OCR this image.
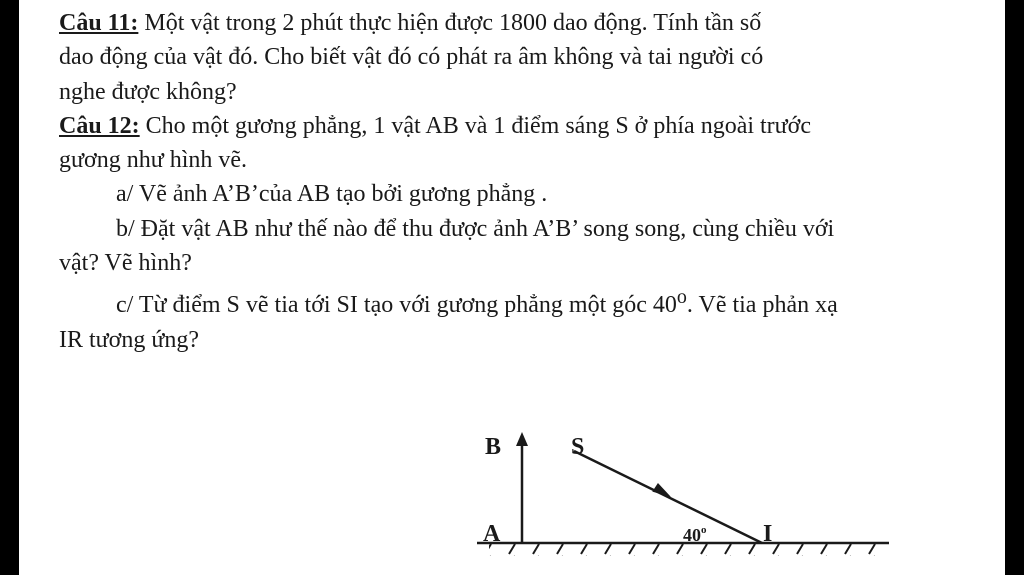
Câu 11: Một vật trong 2 phút thực hiện được 1800 dao động. Tính tần số

dao động của vật đó. Cho biết vật đó có phát ra âm không và tai người có

nghe được không?

Câu 12: Cho một gương phẳng, 1 vật AB và 1 điểm sáng S ở phía ngoài trước

gương như hình vẽ.

a/ Vẽ ảnh A’B’của AB tạo bởi gương phẳng .

b/ Đặt vật AB như thế nào để thu được ảnh A’B’ song song, cùng chiều với

vật? Vẽ hình?

c/ Từ điểm S vẽ tia tới SI tạo với gương phẳng một góc 40$^o$. Vẽ tia phản xạ

IR tương ứng?

B	S
A	I
40$^o$
